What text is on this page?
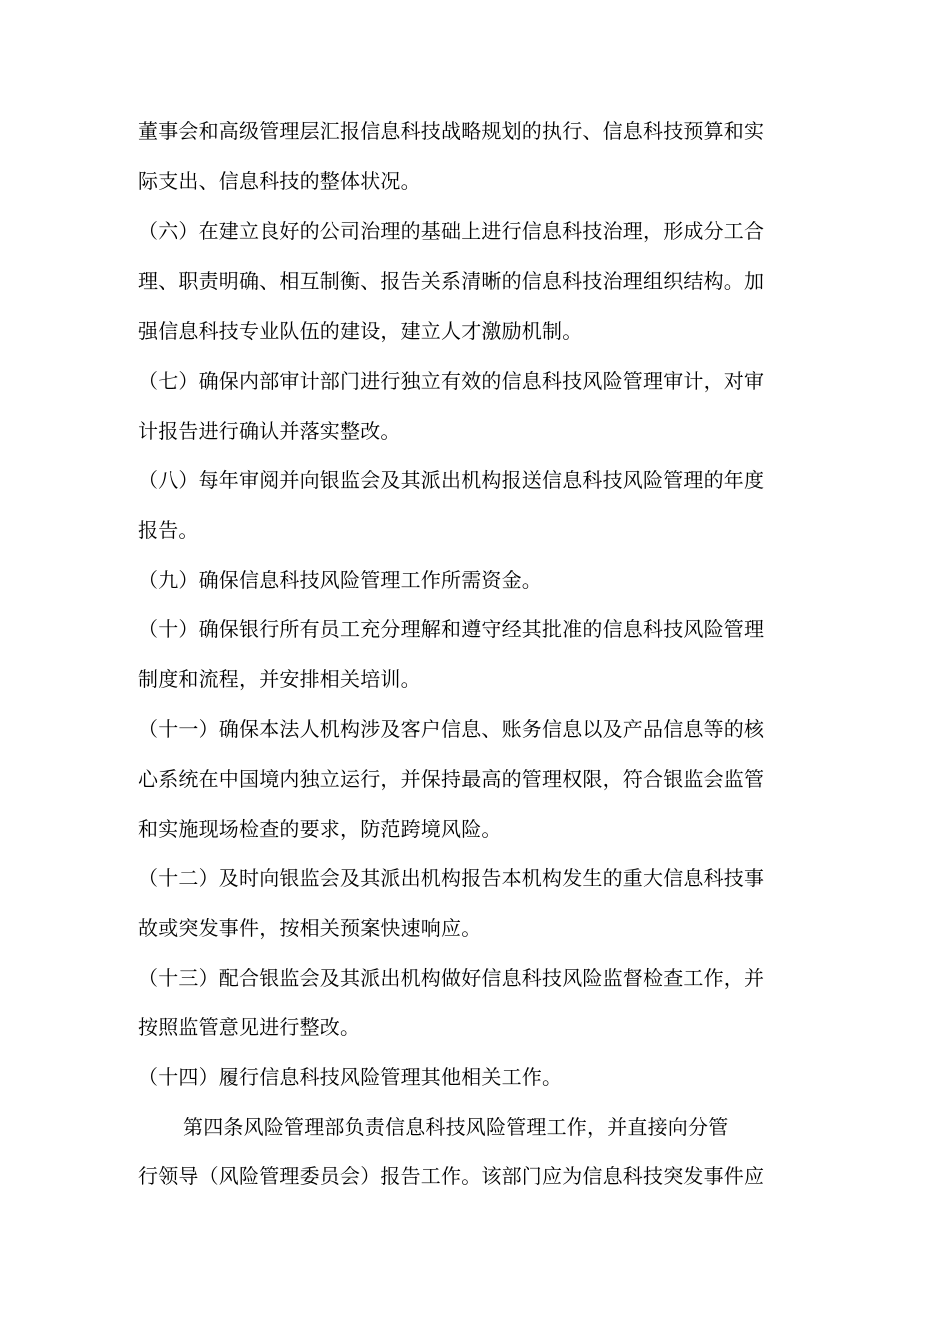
董事会和高级管理层汇报信息科技战略规划的执行、信息科技预算和实
际支出、信息科技的整体状况。
（六）在建立良好的公司治理的基础上进行信息科技治理，形成分工合
理、职责明确、相互制衡、报告关系清晰的信息科技治理组织结构。加
强信息科技专业队伍的建设，建立人才激励机制。
（七）确保内部审计部门进行独立有效的信息科技风险管理审计，对审
计报告进行确认并落实整改。
（八）每年审阅并向银监会及其派出机构报送信息科技风险管理的年度
报告。
（九）确保信息科技风险管理工作所需资金。
（十）确保银行所有员工充分理解和遵守经其批准的信息科技风险管理
制度和流程，并安排相关培训。
（十一）确保本法人机构涉及客户信息、账务信息以及产品信息等的核
心系统在中国境内独立运行，并保持最高的管理权限，符合银监会监管
和实施现场检查的要求，防范跨境风险。
（十二）及时向银监会及其派出机构报告本机构发生的重大信息科技事
故或突发事件，按相关预案快速响应。
（十三）配合银监会及其派出机构做好信息科技风险监督检查工作，并
按照监管意见进行整改。
（十四）履行信息科技风险管理其他相关工作。
第四条风险管理部负责信息科技风险管理工作，并直接向分管
行领导（风险管理委员会）报告工作。该部门应为信息科技突发事件应
